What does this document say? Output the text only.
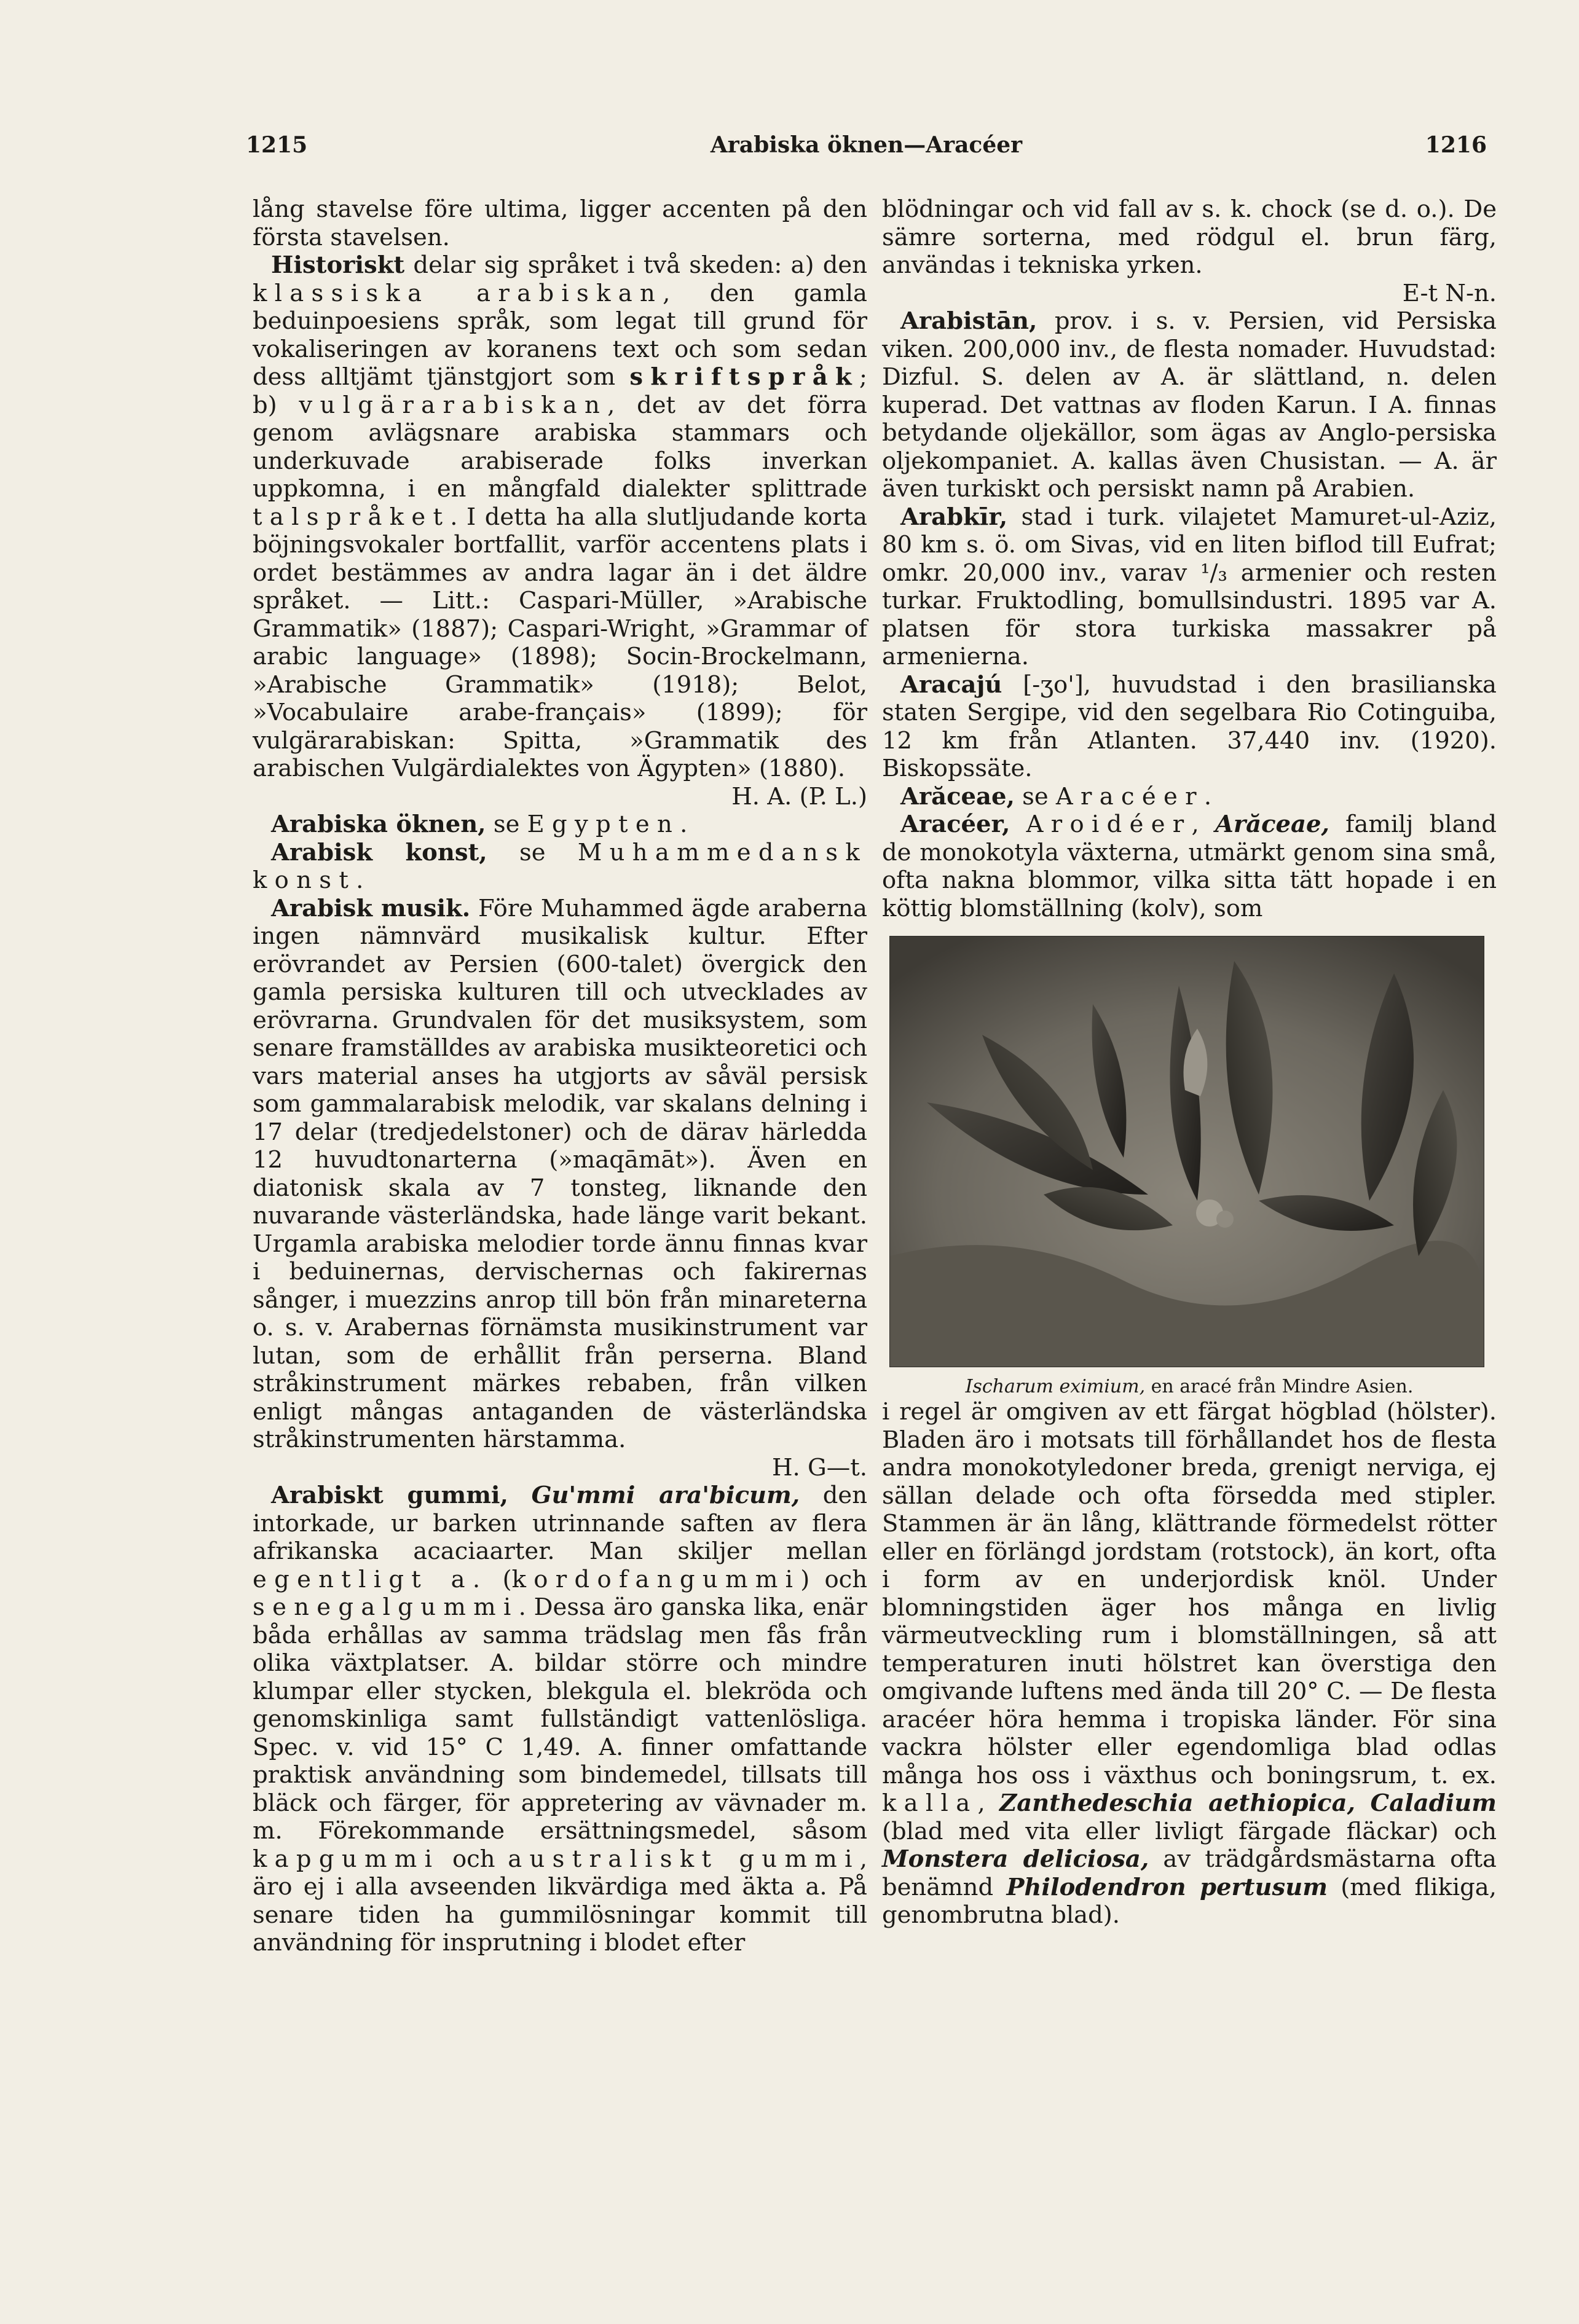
1215	Arabiska öknen—Aracéer	1216

lång stavelse före ultima, ligger accenten på den första stavelsen.

Historiskt delar sig språket i två skeden: a) den klassiska arabiskan, den gamla beduinpoesiens språk, som legat till grund för vokaliseringen av koranens text och som sedan dess alltjämt tjänstgjort som skriftspråk; b) vulgärarabiskan, det av det förra genom avlägsnare arabiska stammars och underkuvade arabiserade folks inverkan uppkomna, i en mångfald dialekter splittrade talspråket. I detta ha alla slutljudande korta böjningsvokaler bortfallit, varför accentens plats i ordet bestämmes av andra lagar än i det äldre språket. — Litt.: Caspari-Müller, »Arabische Grammatik» (1887); Caspari-Wright, »Grammar of arabic language» (1898); Socin-Brockelmann, »Arabische Grammatik» (1918); Belot, »Vocabulaire arabe-français» (1899); för vulgärarabiskan: Spitta, »Grammatik des arabischen Vulgärdialektes von Ägypten» (1880).

H. A. (P. L.)

Arabiska öknen, se Egypten.

Arabisk konst, se Muhammedansk konst.

Arabisk musik. Före Muhammed ägde araberna ingen nämnvärd musikalisk kultur. Efter erövrandet av Persien (600-talet) övergick den gamla persiska kulturen till och utvecklades av erövrarna. Grundvalen för det musiksystem, som senare framställdes av arabiska musikteoretici och vars material anses ha utgjorts av såväl persisk som gammalarabisk melodik, var skalans delning i 17 delar (tredjedelstoner) och de därav härledda 12 huvudtonarterna (»maqāmāt»). Även en diatonisk skala av 7 tonsteg, liknande den nuvarande västerländska, hade länge varit bekant. Urgamla arabiska melodier torde ännu finnas kvar i beduinernas, dervischernas och fakirernas sånger, i muezzins anrop till bön från minareterna o. s. v. Arabernas förnämsta musikinstrument var lutan, som de erhållit från perserna. Bland stråkinstrument märkes rebaben, från vilken enligt mångas antaganden de västerländska stråkinstrumenten härstamma.

H. G—t.

Arabiskt gummi, Gu'mmi ara'bicum, den intorkade, ur barken utrinnande saften av flera afrikanska acaciaarter. Man skiljer mellan egentligt a. (kordofangummi) och senegalgummi. Dessa äro ganska lika, enär båda erhållas av samma trädslag men fås från olika växtplatser. A. bildar större och mindre klumpar eller stycken, blekgula el. blekröda och genomskinliga samt fullständigt vattenlösliga. Spec. v. vid 15° C 1,49. A. finner omfattande praktisk användning som bindemedel, tillsats till bläck och färger, för appretering av vävnader m. m. Förekommande ersättningsmedel, såsom kapgummi och australiskt gummi, äro ej i alla avseenden likvärdiga med äkta a. På senare tiden ha gummilösningar kommit till användning för insprutning i blodet efter

blödningar och vid fall av s. k. chock (se d. o.). De sämre sorterna, med rödgul el. brun färg, användas i tekniska yrken.

E-t N-n.

Arabistān, prov. i s. v. Persien, vid Persiska viken. 200,000 inv., de flesta nomader. Huvudstad: Dizful. S. delen av A. är slättland, n. delen kuperad. Det vattnas av floden Karun. I A. finnas betydande oljekällor, som ägas av Anglo-persiska oljekompaniet. A. kallas även Chusistan. — A. är även turkiskt och persiskt namn på Arabien.

Arabkīr, stad i turk. vilajetet Mamuret-ul-Aziz, 80 km s. ö. om Sivas, vid en liten biflod till Eufrat; omkr. 20,000 inv., varav ¹/₃ armenier och resten turkar. Fruktodling, bomullsindustri. 1895 var A. platsen för stora turkiska massakrer på armenierna.

Aracajú [-ʒo'], huvudstad i den brasilianska staten Sergipe, vid den segelbara Rio Cotinguiba, 12 km från Atlanten. 37,440 inv. (1920). Biskopssäte.

Arăceae, se Aracéer.

Aracéer, Aroidéer, Arăceae, familj bland de monokotyla växterna, utmärkt genom sina små, ofta nakna blommor, vilka sitta tätt hopade i en köttig blomställning (kolv), som

Ischarum eximium, en aracé från Mindre Asien.

i regel är omgiven av ett färgat högblad (hölster). Bladen äro i motsats till förhållandet hos de flesta andra monokotyledoner breda, grenigt nerviga, ej sällan delade och ofta försedda med stipler. Stammen är än lång, klättrande förmedelst rötter eller en förlängd jordstam (rotstock), än kort, ofta i form av en underjordisk knöl. Under blomningstiden äger hos många en livlig värmeutveckling rum i blomställningen, så att temperaturen inuti hölstret kan överstiga den omgivande luftens med ända till 20° C. — De flesta aracéer höra hemma i tropiska länder. För sina vackra hölster eller egendomliga blad odlas många hos oss i växthus och boningsrum, t. ex. kalla, Zanthedeschia aethiopica, Caladium (blad med vita eller livligt färgade fläckar) och Monstera deliciosa, av trädgårdsmästarna ofta benämnd Philodendron pertusum (med flikiga, genombrutna blad).
